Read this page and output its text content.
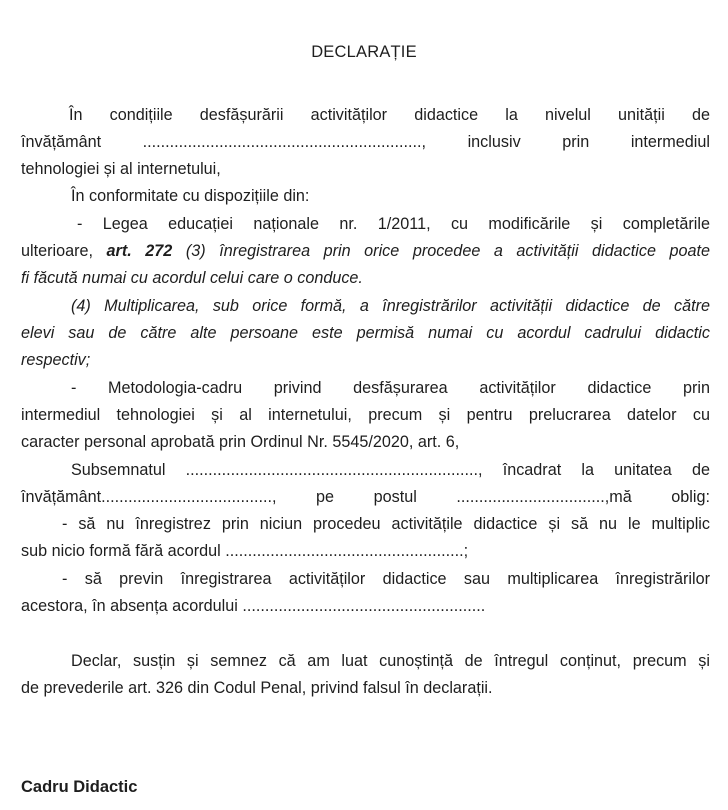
DECLARAȚIE
În condițiile desfășurării activităților didactice la nivelul unității de
învățământ .............................................................., inclusiv prin intermediul
tehnologiei și al internetului,
În conformitate cu dispozițiile din:
- Legea educației naționale nr. 1/2011, cu modificările și completările
ulterioare, art. 272 (3) înregistrarea prin orice procedee a activității didactice poate
fi făcută numai cu acordul celui care o conduce.
(4) Multiplicarea, sub orice formă, a înregistrărilor activității didactice de către
elevi sau de către alte persoane este permisă numai cu acordul cadrului didactic
respectiv;
- Metodologia-cadru privind desfășurarea activităților didactice prin
intermediul tehnologiei și al internetului, precum și pentru prelucrarea datelor cu
caracter personal aprobată prin Ordinul Nr. 5545/2020, art. 6,
Subsemnatul ................................................................., încadrat la unitatea de
învățământ......................................, pe postul .................................,mă oblig:
- să nu înregistrez prin niciun procedeu activitățile didactice și să nu le multiplic
sub nicio formă fără acordul .....................................................;
- să previn înregistrarea activităților didactice sau multiplicarea înregistrărilor
acestora, în absența acordului ......................................................
Declar, susțin și semnez că am luat cunoștință de întregul conținut, precum și
de prevederile art. 326 din Codul Penal, privind falsul în declarații.
Cadru Didactic
